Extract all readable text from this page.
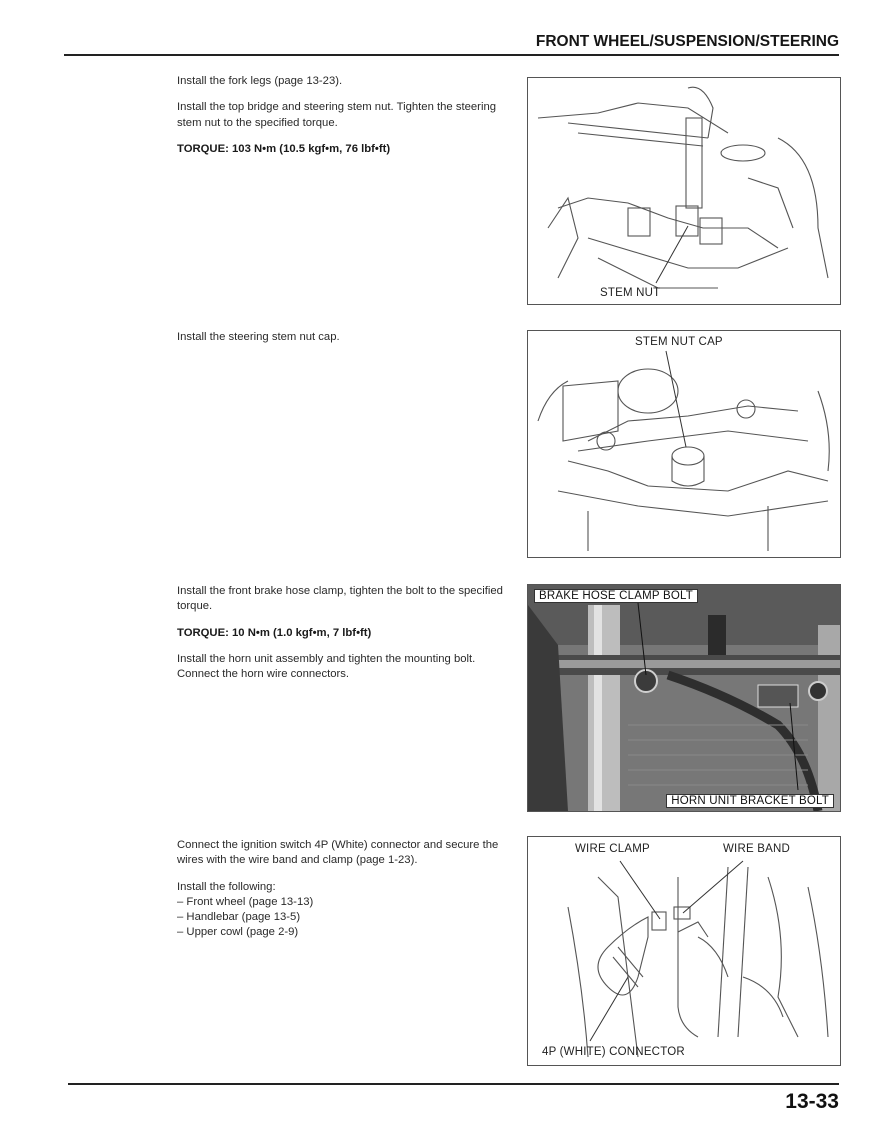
FRONT WHEEL/SUSPENSION/STEERING

Install the fork legs (page 13-23).

Install the top bridge and steering stem nut. Tighten the steering stem nut to the specified torque.

TORQUE: 103 N•m (10.5 kgf•m, 76 lbf•ft)

STEM NUT

Install the steering stem nut cap.	STEM NUT CAP

Install the front brake hose clamp, tighten the bolt to the specified torque.

TORQUE: 10 N•m (1.0 kgf•m, 7 lbf•ft)

Install the horn unit assembly and tighten the mounting bolt. Connect the horn wire connectors.

BRAKE HOSE CLAMP BOLT
HORN UNIT BRACKET BOLT

Connect the ignition switch 4P (White) connector and secure the wires with the wire band and clamp (page 1-23).

Install the following:

– Front wheel (page 13-13)
– Handlebar (page 13-5)
– Upper cowl (page 2-9)
WIRE CLAMP	WIRE BAND
4P (WHITE) CONNECTOR
13-33
